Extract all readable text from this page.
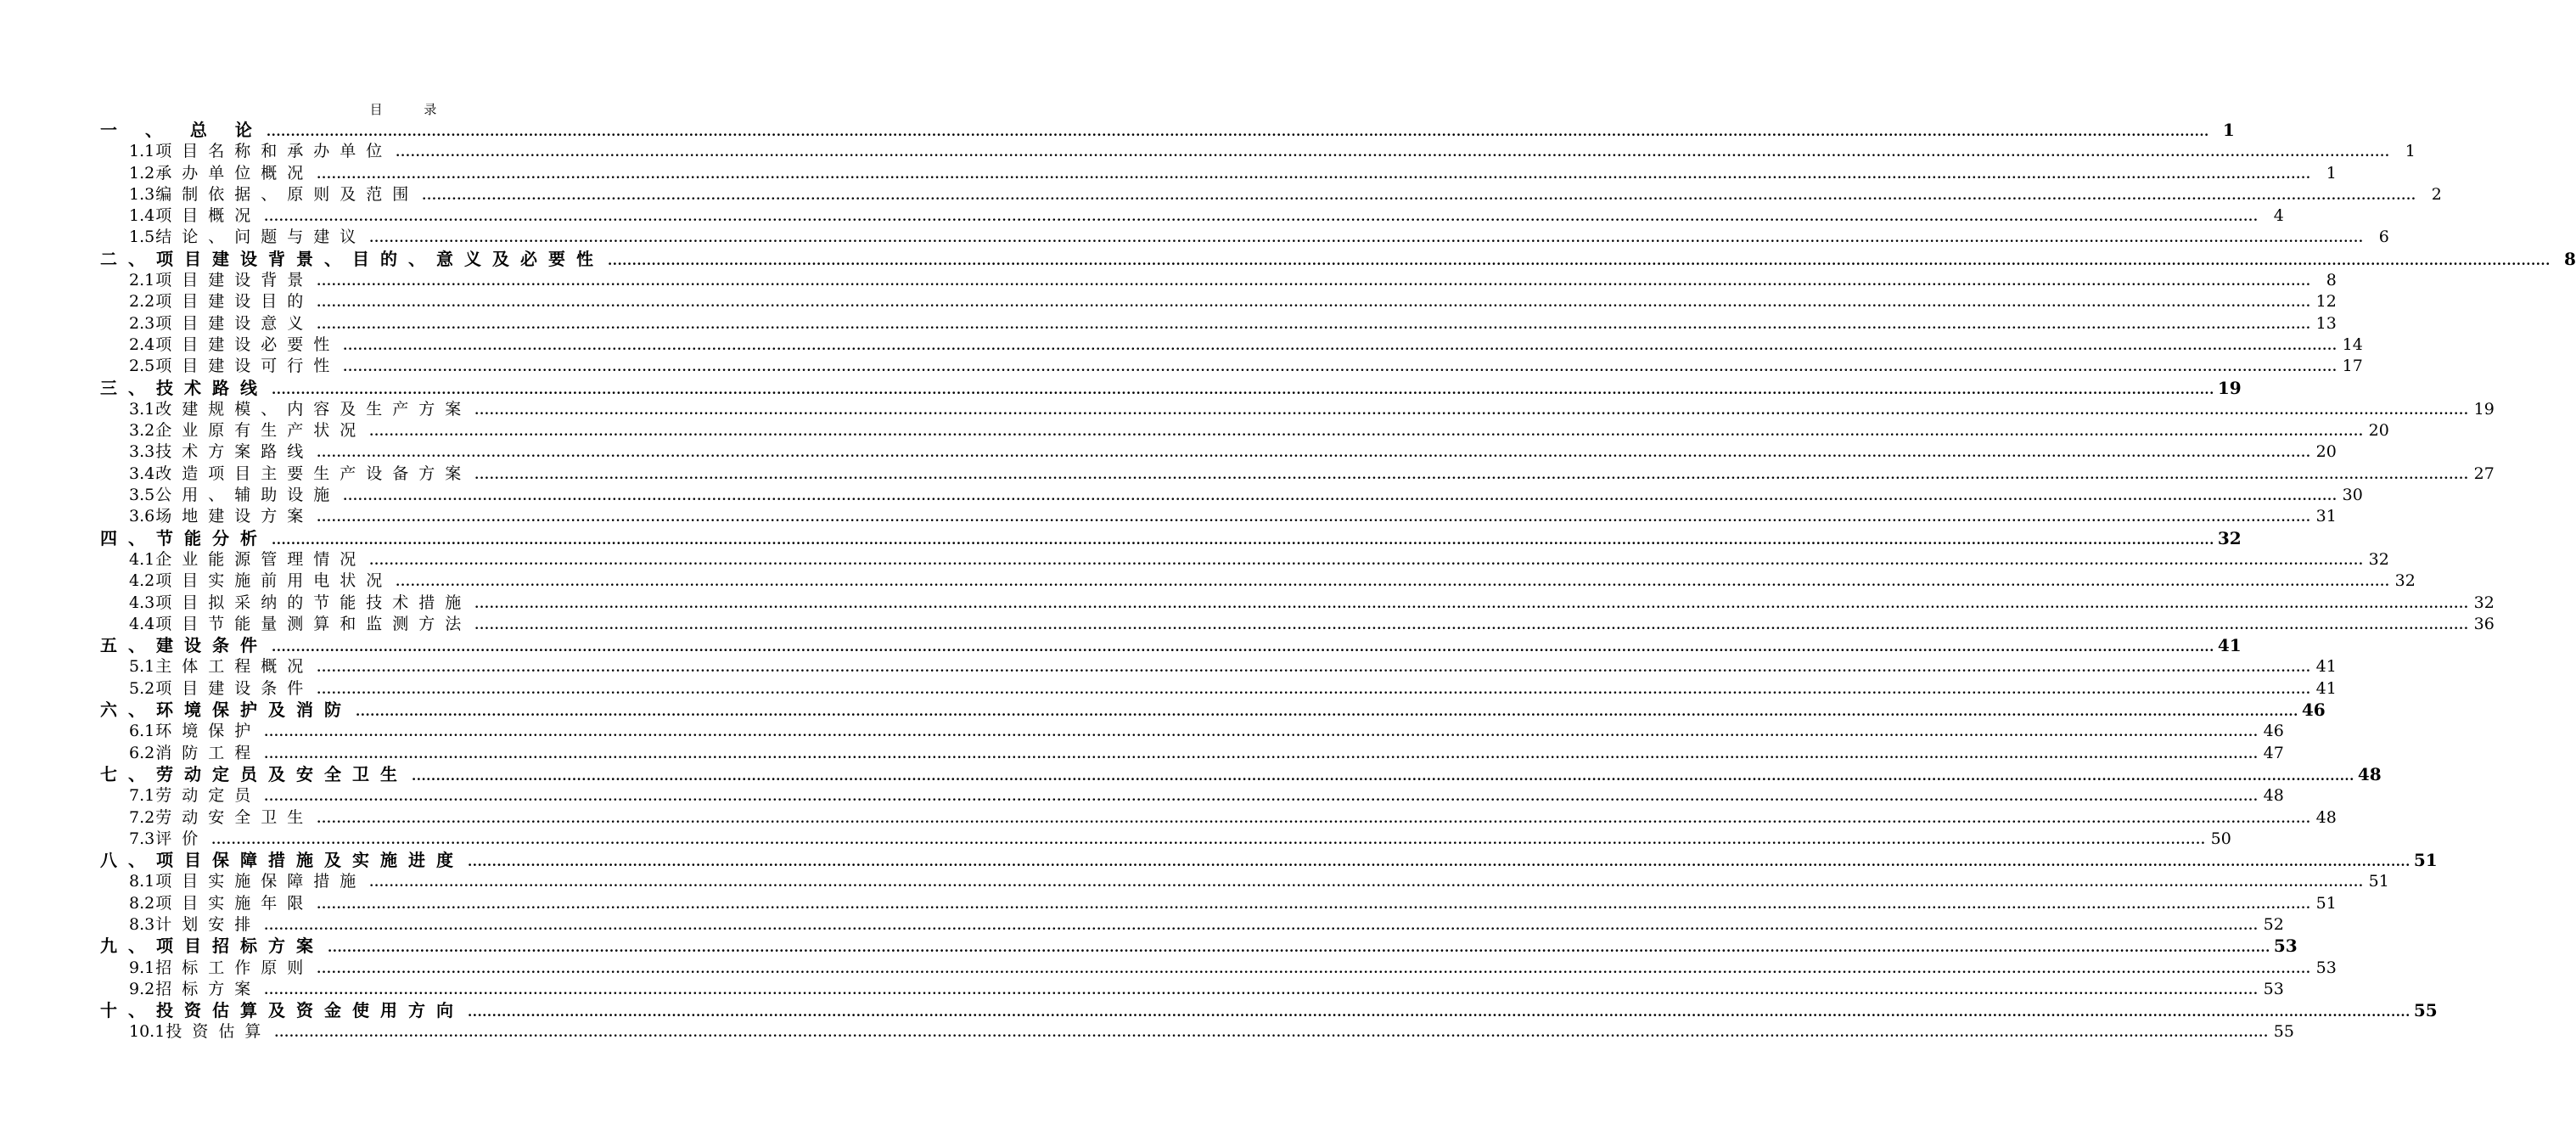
目 录
一 、 总 论 ................................................................................................................................................................................................................................................................................................................................................................................................................ 1
1.1 项目名称和承办单位 ................................................................................................................................................................................................................................................................................................................................................................................................................ 1
1.2 承办单位概况 ................................................................................................................................................................................................................................................................................................................................................................................................................ 1
1.3 编制依据、原则及范围 ................................................................................................................................................................................................................................................................................................................................................................................................................ 2
1.4 项目概况 ................................................................................................................................................................................................................................................................................................................................................................................................................ 4
1.5 结论、问题与建议 ................................................................................................................................................................................................................................................................................................................................................................................................................ 6
二、项目建设背景、目的、意义及必要性 ................................................................................................................................................................................................................................................................................................................................................................................................................ 8
2.1 项目建设背景 ................................................................................................................................................................................................................................................................................................................................................................................................................ 8
2.2 项目建设目的 ................................................................................................................................................................................................................................................................................................................................................................................................................ 12
2.3 项目建设意义 ................................................................................................................................................................................................................................................................................................................................................................................................................ 13
2.4 项目建设必要性 ................................................................................................................................................................................................................................................................................................................................................................................................................ 14
2.5 项目建设可行性 ................................................................................................................................................................................................................................................................................................................................................................................................................ 17
三、技术路线 ................................................................................................................................................................................................................................................................................................................................................................................................................ 19
3.1 改建规模、内容及生产方案 ................................................................................................................................................................................................................................................................................................................................................................................................................ 19
3.2 企业原有生产状况 ................................................................................................................................................................................................................................................................................................................................................................................................................ 20
3.3 技术方案路线 ................................................................................................................................................................................................................................................................................................................................................................................................................ 20
3.4 改造项目主要生产设备方案 ................................................................................................................................................................................................................................................................................................................................................................................................................ 27
3.5 公用、辅助设施 ................................................................................................................................................................................................................................................................................................................................................................................................................ 30
3.6 场地建设方案 ................................................................................................................................................................................................................................................................................................................................................................................................................ 31
四、节能分析 ................................................................................................................................................................................................................................................................................................................................................................................................................ 32
4.1 企业能源管理情况 ................................................................................................................................................................................................................................................................................................................................................................................................................ 32
4.2 项目实施前用电状况 ................................................................................................................................................................................................................................................................................................................................................................................................................ 32
4.3 项目拟采纳的节能技术措施 ................................................................................................................................................................................................................................................................................................................................................................................................................ 32
4.4 项目节能量测算和监测方法 ................................................................................................................................................................................................................................................................................................................................................................................................................ 36
五、建设条件 ................................................................................................................................................................................................................................................................................................................................................................................................................ 41
5.1 主体工程概况 ................................................................................................................................................................................................................................................................................................................................................................................................................ 41
5.2 项目建设条件 ................................................................................................................................................................................................................................................................................................................................................................................................................ 41
六、环境保护及消防 ................................................................................................................................................................................................................................................................................................................................................................................................................ 46
6.1 环境保护 ................................................................................................................................................................................................................................................................................................................................................................................................................ 46
6.2 消防工程 ................................................................................................................................................................................................................................................................................................................................................................................................................ 47
七、劳动定员及安全卫生 ................................................................................................................................................................................................................................................................................................................................................................................................................ 48
7.1 劳动定员 ................................................................................................................................................................................................................................................................................................................................................................................................................ 48
7.2 劳动安全卫生 ................................................................................................................................................................................................................................................................................................................................................................................................................ 48
7.3 评价 ................................................................................................................................................................................................................................................................................................................................................................................................................ 50
八、项目保障措施及实施进度 ................................................................................................................................................................................................................................................................................................................................................................................................................ 51
8.1 项目实施保障措施 ................................................................................................................................................................................................................................................................................................................................................................................................................ 51
8.2 项目实施年限 ................................................................................................................................................................................................................................................................................................................................................................................................................ 51
8.3 计划安排 ................................................................................................................................................................................................................................................................................................................................................................................................................ 52
九、项目招标方案 ................................................................................................................................................................................................................................................................................................................................................................................................................ 53
9.1 招标工作原则 ................................................................................................................................................................................................................................................................................................................................................................................................................ 53
9.2 招标方案 ................................................................................................................................................................................................................................................................................................................................................................................................................ 53
十、投资估算及资金使用方向 ................................................................................................................................................................................................................................................................................................................................................................................................................ 55
10.1 投资估算 ................................................................................................................................................................................................................................................................................................................................................................................................................ 55
